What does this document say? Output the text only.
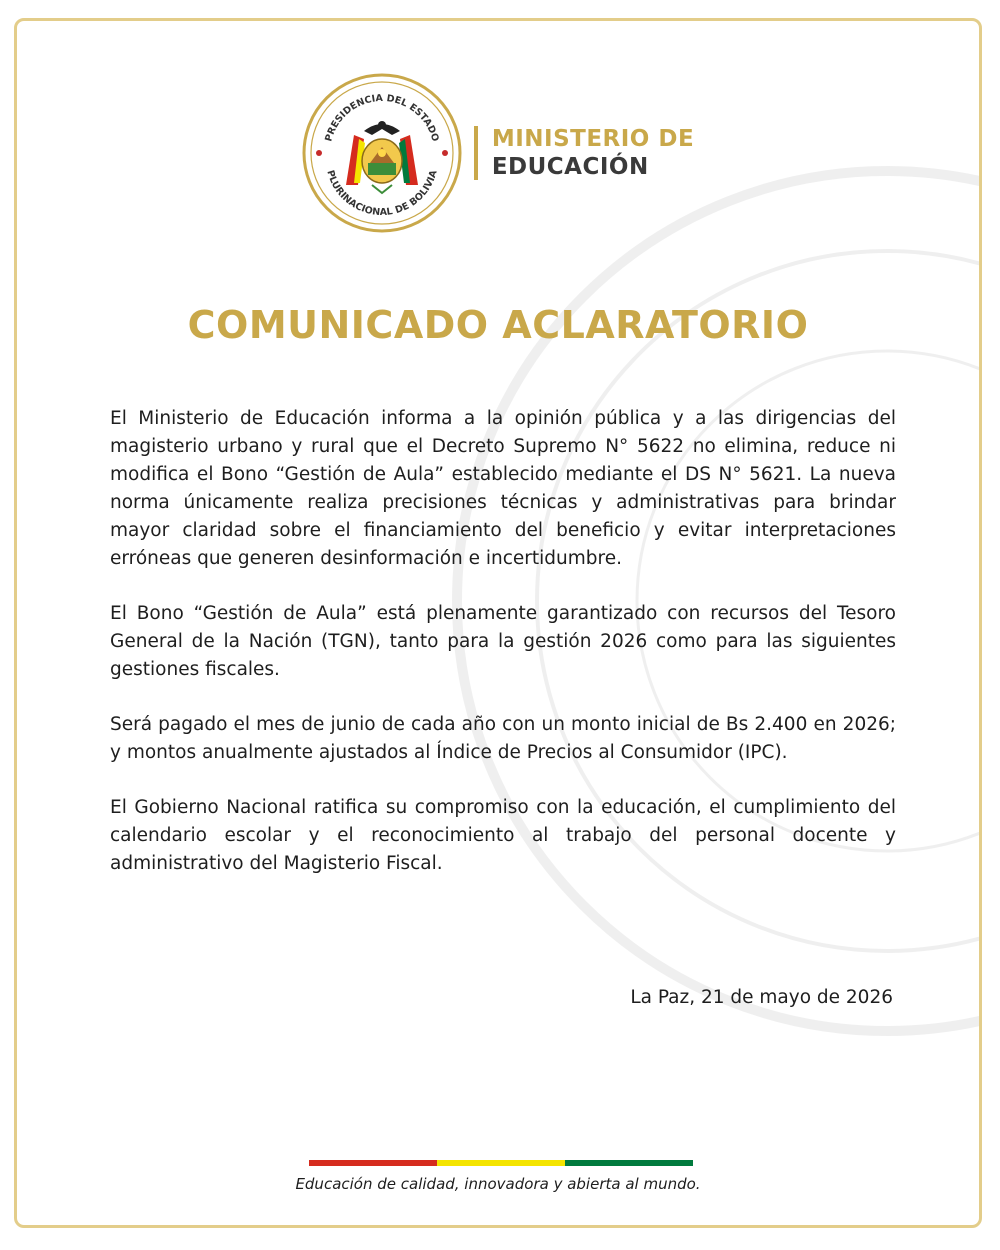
PRESIDENCIA DEL ESTADO
PLURINACIONAL DE BOLIVIA
MINISTERIO DE
EDUCACIÓN
COMUNICADO ACLARATORIO

El Ministerio de Educación informa a la opinión pública y a las dirigencias del magisterio urbano y rural que el Decreto Supremo N° 5622 no elimina, reduce ni modifica el Bono “Gestión de Aula” establecido mediante el DS N° 5621. La nueva norma únicamente realiza precisiones técnicas y administrativas para brindar mayor claridad sobre el financiamiento del beneficio y evitar interpretaciones erróneas que generen desinformación e incertidumbre.

El Bono “Gestión de Aula” está plenamente garantizado con recursos del Tesoro General de la Nación (TGN), tanto para la gestión 2026 como para las siguientes gestiones fiscales.

Será pagado el mes de junio de cada año con un monto inicial de Bs 2.400 en 2026; y montos anualmente ajustados al Índice de Precios al Consumidor (IPC).

El Gobierno Nacional ratifica su compromiso con la educación, el cumplimiento del calendario escolar y el reconocimiento al trabajo del personal docente y administrativo del Magisterio Fiscal.

La Paz, 21 de mayo de 2026
Educación de calidad, innovadora y abierta al mundo.
